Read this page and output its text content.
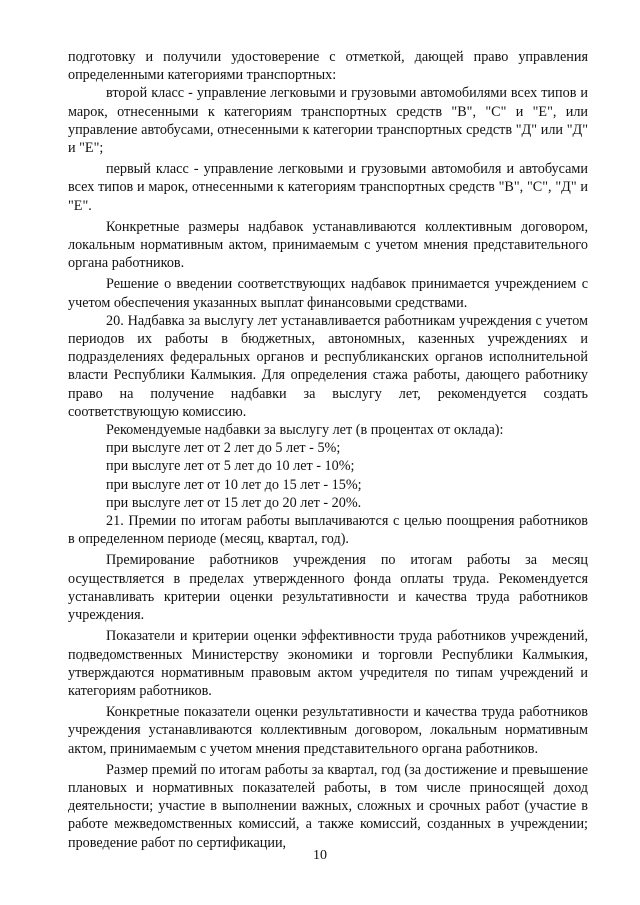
подготовку и получили удостоверение с отметкой, дающей право управления определенными категориями транспортных:

второй класс - управление легковыми и грузовыми автомобилями всех типов и марок, отнесенными к категориям транспортных средств "В", "С" и "Е", или управление автобусами, отнесенными к категории транспортных средств "Д" или "Д" и "Е";

первый класс - управление легковыми и грузовыми автомобиля и автобусами всех типов и марок, отнесенными к категориям транспортных средств "В", "С", "Д" и "Е".

Конкретные размеры надбавок устанавливаются коллективным договором, локальным нормативным актом, принимаемым с учетом мнения представительного органа работников.

Решение о введении соответствующих надбавок принимается учреждением с учетом обеспечения указанных выплат финансовыми средствами.

20. Надбавка за выслугу лет устанавливается работникам учреждения с учетом периодов их работы в бюджетных, автономных, казенных учреждениях и подразделениях федеральных органов и республиканских органов исполнительной власти Республики Калмыкия. Для определения стажа работы, дающего работнику право на получение надбавки за выслугу лет, рекомендуется создать соответствующую комиссию.

Рекомендуемые надбавки за выслугу лет (в процентах от оклада):

при выслуге лет от 2 лет до 5 лет - 5%;

при выслуге лет от 5 лет до 10 лет - 10%;

при выслуге лет от 10 лет до 15 лет - 15%;

при выслуге лет от 15 лет до 20 лет - 20%.

21. Премии по итогам работы выплачиваются с целью поощрения работников в определенном периоде (месяц, квартал, год).

Премирование работников учреждения по итогам работы за месяц осуществляется в пределах утвержденного фонда оплаты труда. Рекомендуется устанавливать критерии оценки результативности и качества труда работников учреждения.

Показатели и критерии оценки эффективности труда работников учреждений, подведомственных Министерству экономики и торговли Республики Калмыкия, утверждаются нормативным правовым актом учредителя по типам учреждений и категориям работников.

Конкретные показатели оценки результативности и качества труда работников учреждения устанавливаются коллективным договором, локальным нормативным актом, принимаемым с учетом мнения представительного органа работников.

Размер премий по итогам работы за квартал, год (за достижение и превышение плановых и нормативных показателей работы, в том числе приносящей доход деятельности; участие в выполнении важных, сложных и срочных работ (участие в работе межведомственных комиссий, а также комиссий, созданных в учреждении; проведение работ по сертификации,

10
